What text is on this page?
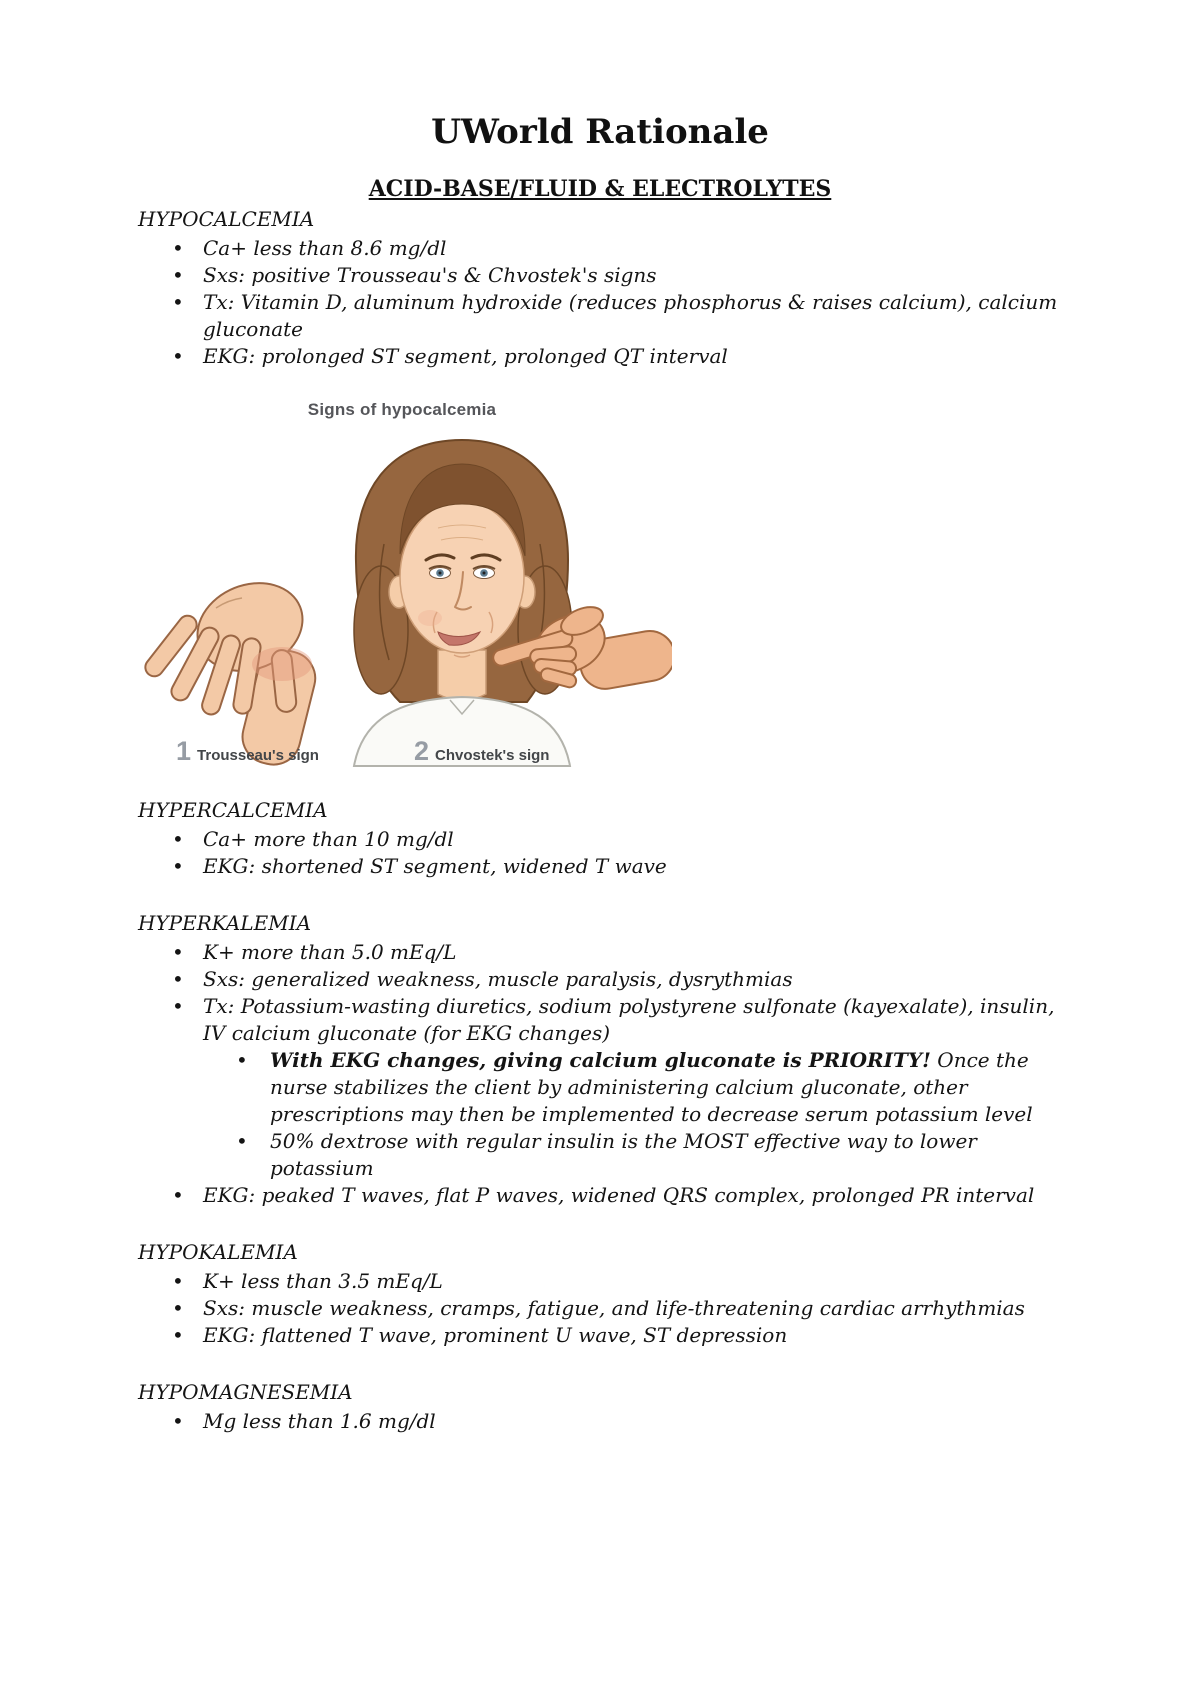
UWorld Rationale
ACID-BASE/FLUID & ELECTROLYTES
HYPOCALCEMIA
• Ca+ less than 8.6 mg/dl
• Sxs: positive Trousseau's & Chvostek's signs
• Tx: Vitamin D, aluminum hydroxide (reduces phosphorus & raises calcium), calcium gluconate
• EKG: prolonged ST segment, prolonged QT interval
Signs of hypocalcemia
1 Trousseau's sign	2 Chvostek's sign
HYPERCALCEMIA
• Ca+ more than 10 mg/dl
• EKG: shortened ST segment, widened T wave
HYPERKALEMIA
• K+ more than 5.0 mEq/L
• Sxs: generalized weakness, muscle paralysis, dysrythmias
• Tx: Potassium-wasting diuretics, sodium polystyrene sulfonate (kayexalate), insulin, IV calcium gluconate (for EKG changes)
• With EKG changes, giving calcium gluconate is PRIORITY! Once the nurse stabilizes the client by administering calcium gluconate, other prescriptions may then be implemented to decrease serum potassium level
• 50% dextrose with regular insulin is the MOST effective way to lower potassium
• EKG: peaked T waves, flat P waves, widened QRS complex, prolonged PR interval
HYPOKALEMIA
• K+ less than 3.5 mEq/L
• Sxs: muscle weakness, cramps, fatigue, and life-threatening cardiac arrhythmias
• EKG: flattened T wave, prominent U wave, ST depression
HYPOMAGNESEMIA
• Mg less than 1.6 mg/dl
